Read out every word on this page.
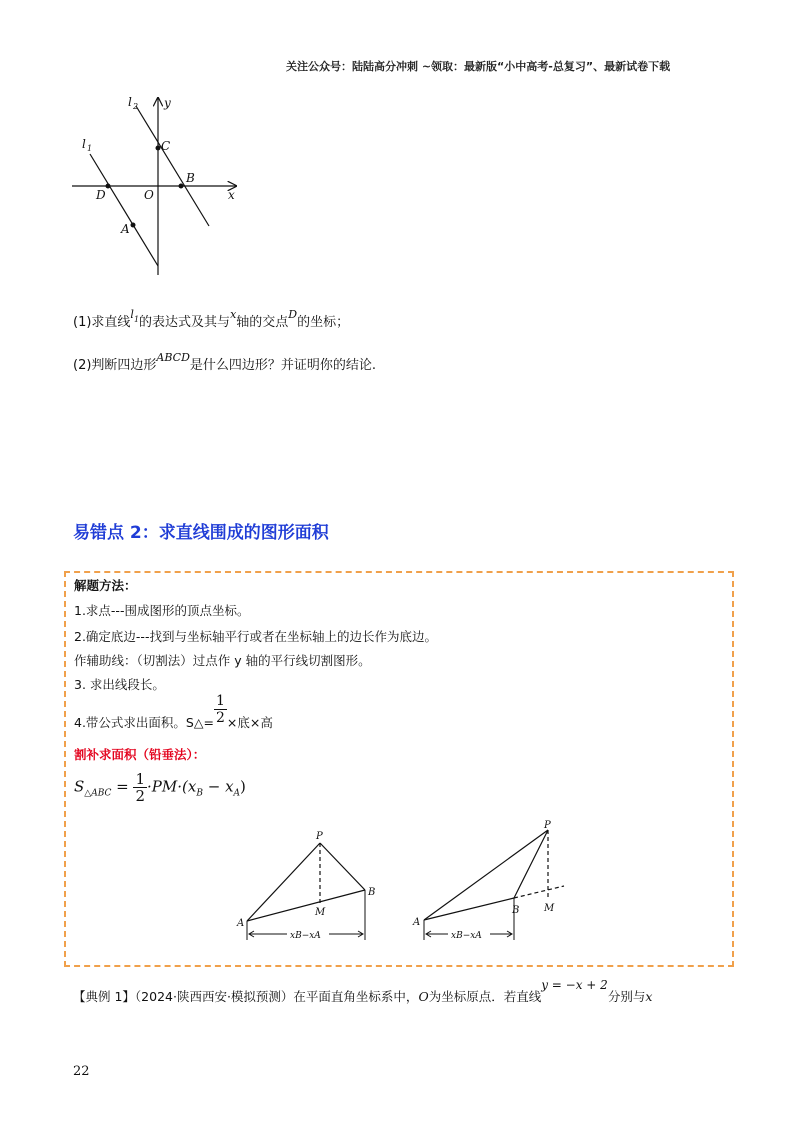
关注公众号：陆陆高分冲刺 ~领取：最新版“小中高考-总复习”、最新试卷下载
l 2 y
l 1	C
D	O
B
x
A
(1)求直线$^{l1}$的表达式及其与$^x$轴的交点$^D$的坐标；
(2)判断四边形$^{ABCD}$是什么四边形？并证明你的结论.
易错点 2：求直线围成的图形面积
解题方法：
1.求点---围成图形的顶点坐标。
2.确定底边---找到与坐标轴平行或者在坐标轴上的边长作为底边。
作辅助线：（切割法）过点作 y 轴的平行线切割图形。
3. 求出线段长。
4.带公式求出面积。S△= $\frac{1}{2}$ ×底×高
割补求面积（铅垂法）：
$S_{\triangle ABC} = \frac{1}{2} \cdot PM\cdot(x_B - x_A)$
P
B
A
M
xB−xA
P
B
A
M
xB−xA
【典例 1】（2024·陕西西安·模拟预测）在平面直角坐标系中，O为坐标原点．若直线y = −x + 2分别与x
22
